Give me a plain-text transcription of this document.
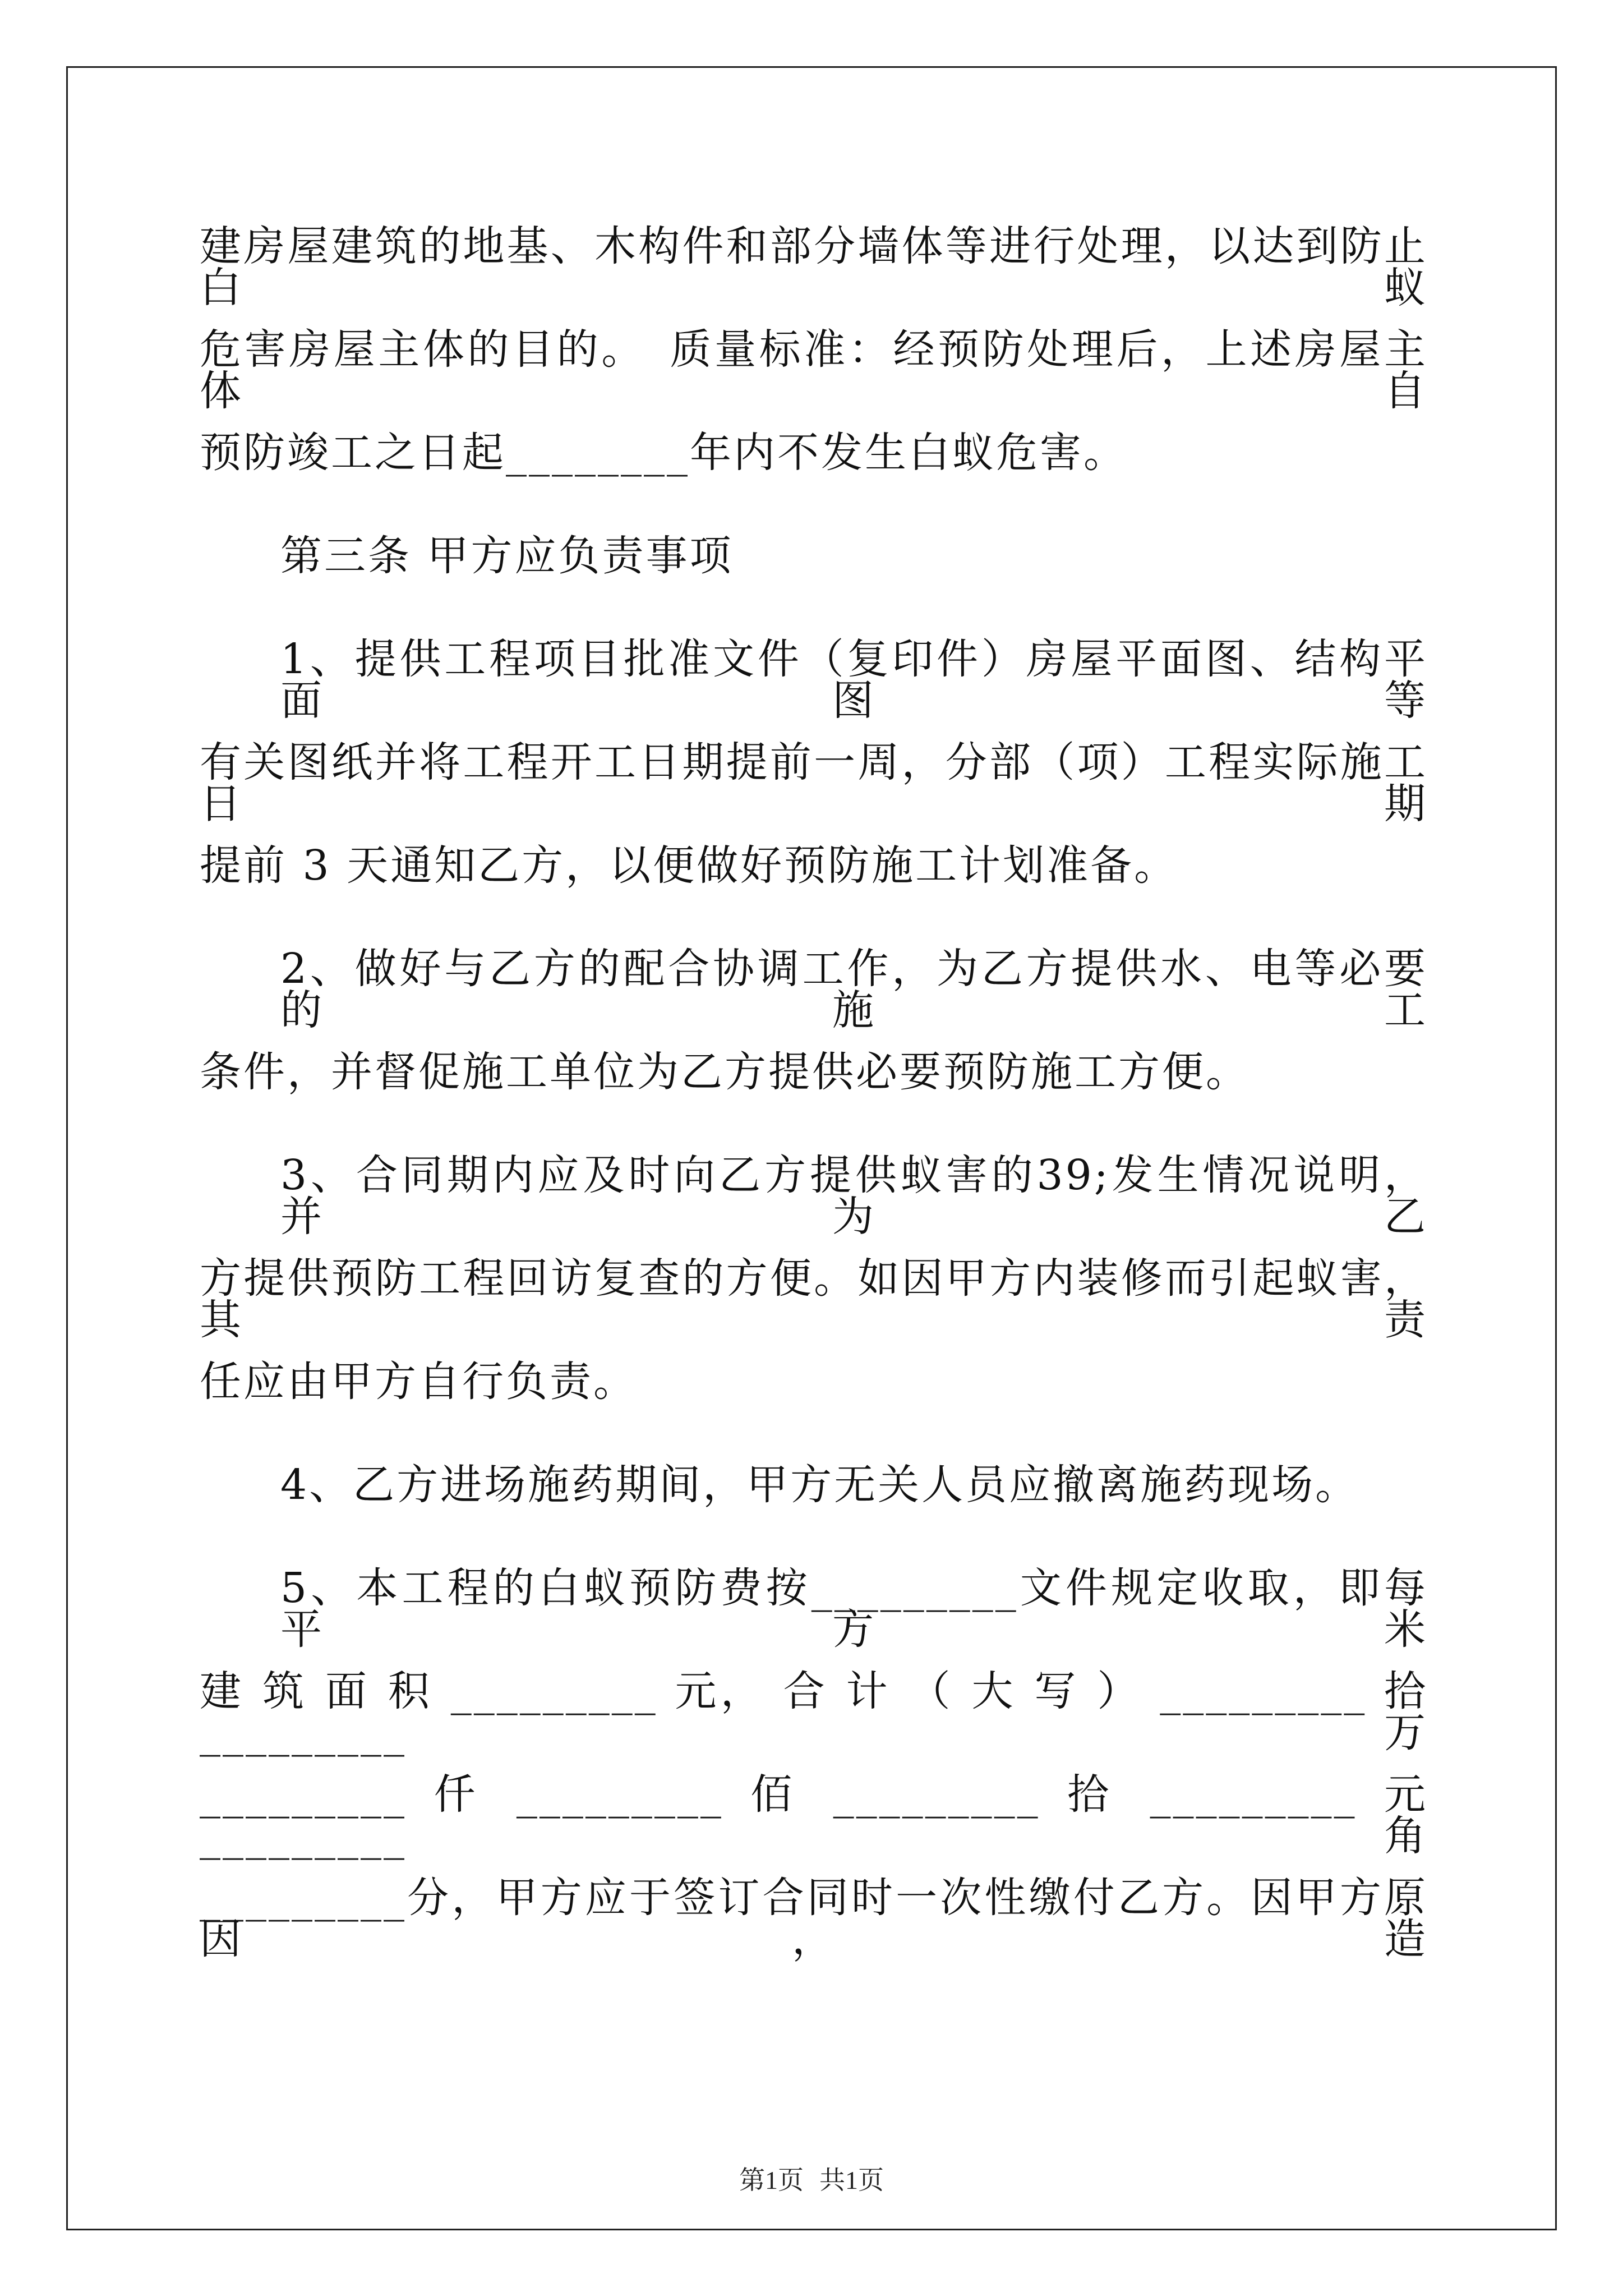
建房屋建筑的地基、木构件和部分墙体等进行处理，以达到防止白蚁
危害房屋主体的目的。　质量标准：经预防处理后，上述房屋主体自
预防竣工之日起________年内不发生白蚁危害。
第三条 甲方应负责事项
1、提供工程项目批准文件（复印件）房屋平面图、结构平面图等
有关图纸并将工程开工日期提前一周，分部（项）工程实际施工日期
提前 3 天通知乙方，以便做好预防施工计划准备。
2、做好与乙方的配合协调工作，为乙方提供水、电等必要的施工
条件，并督促施工单位为乙方提供必要预防施工方便。
3、合同期内应及时向乙方提供蚁害的39;发生情况说明，并为乙
方提供预防工程回访复查的方便。如因甲方内装修而引起蚁害，其责
任应由甲方自行负责。
4、乙方进场施药期间，甲方无关人员应撤离施药现场。
5、本工程的白蚁预防费按_________文件规定收取，即每平方米
建 筑 面 积 _________ 元， 合 计 （ 大 写 ） _________ 拾 _________ 万
_________ 仟 _________ 佰 _________ 拾 _________ 元 _________ 角
_________分，甲方应于签订合同时一次性缴付乙方。因甲方原因，造
第1页 共1页
